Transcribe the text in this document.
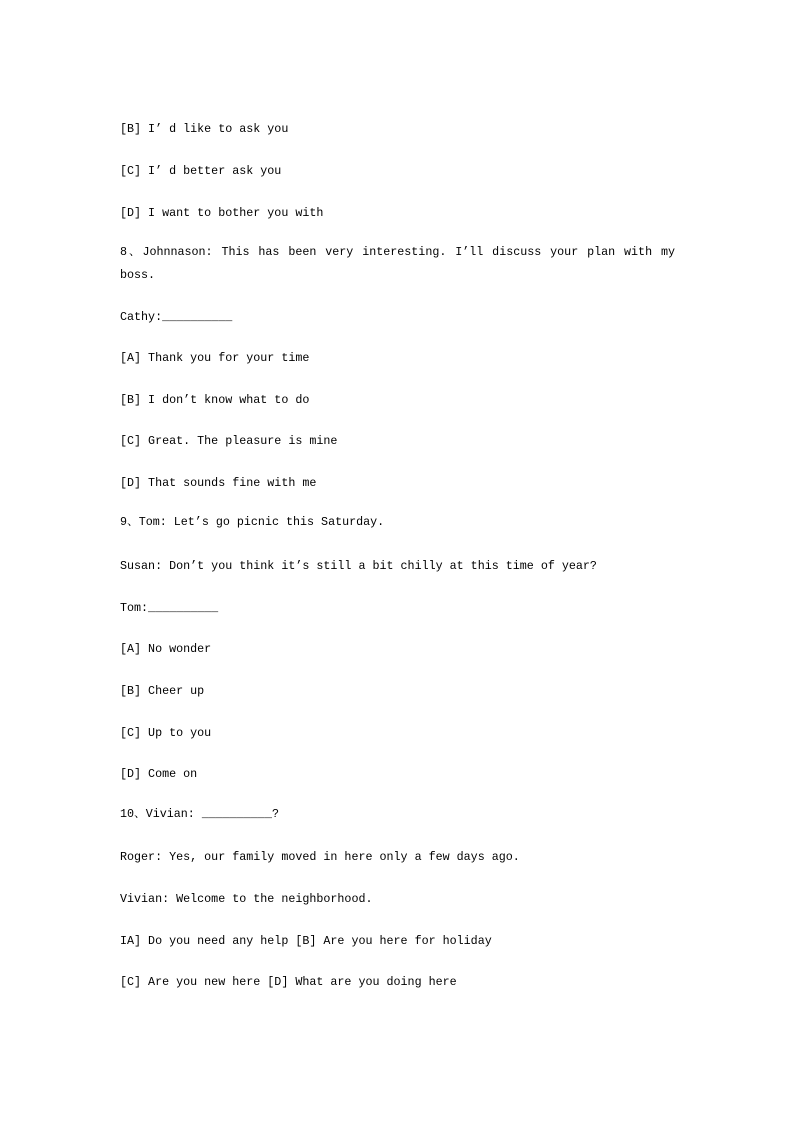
[B] I’ d like to ask you
[C] I’ d better ask you
[D] I want to bother you with
8、Johnnason: This has been very interesting. I’ll discuss your plan with my boss.
Cathy:__________
[A] Thank you for your time
[B] I don’t know what to do
[C] Great. The pleasure is mine
[D] That sounds fine with me
9、Tom: Let’s go picnic this Saturday.
Susan: Don’t you think it’s still a bit chilly at this time of year?
Tom:__________
[A] No wonder
[B] Cheer up
[C] Up to you
[D] Come on
10、Vivian: __________?
Roger: Yes, our family moved in here only a few days ago.
Vivian: Welcome to the neighborhood.
IA] Do you need any help [B] Are you here for holiday
[C] Are you new here [D] What are you doing here
